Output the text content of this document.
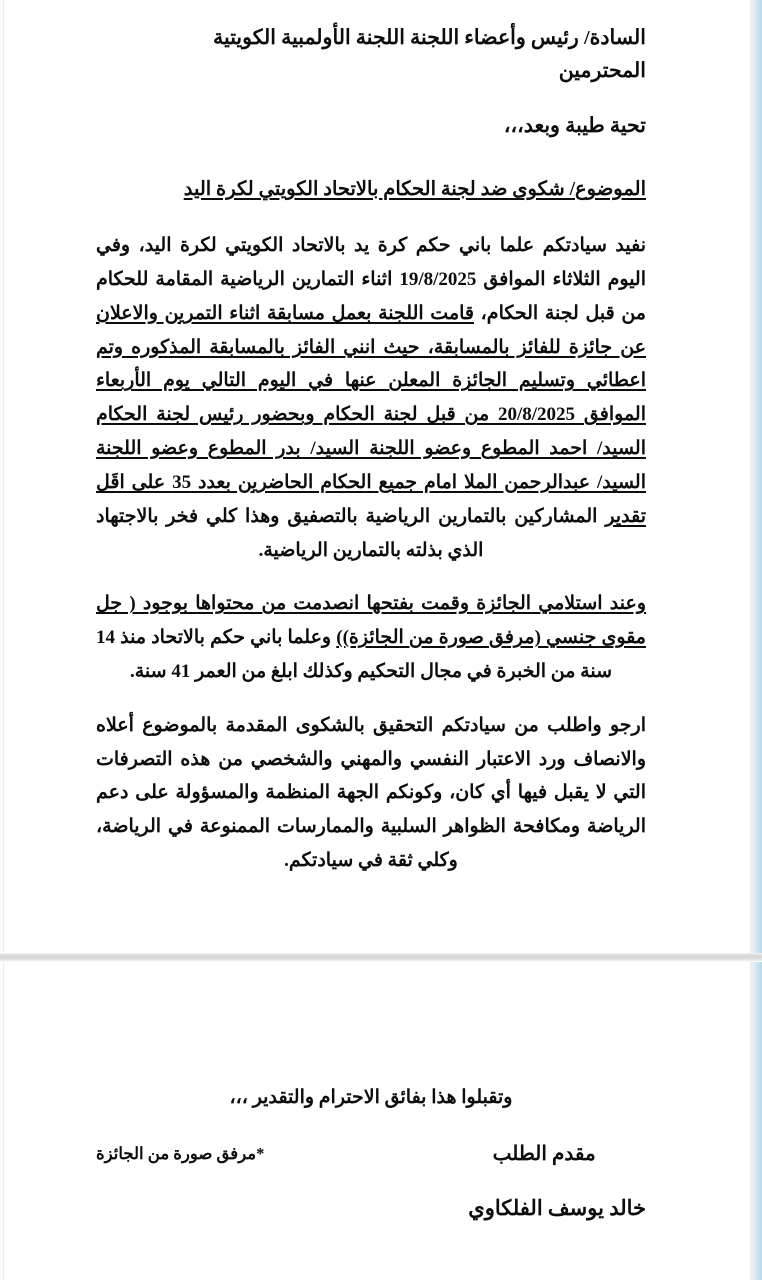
السادة/ رئيس وأعضاء اللجنة اللجنة الأولمبية الكويتية

المحترمين

تحية طيبة وبعد،،،

الموضوع/ شكوى ضد لجنة الحكام بالاتحاد الكويتي لكرة اليد

نفيد سيادتكم علما باني حكم كرة يد بالاتحاد الكويتي لكرة اليد، وفي اليوم الثلاثاء الموافق 19/8/2025 اثناء التمارين الرياضية المقامة للحكام من قبل لجنة الحكام، قامت اللجنة بعمل مسابقة اثناء التمرين والاعلان عن جائزة للفائز بالمسابقة، حيث انني الفائز بالمسابقة المذكوره وتم اعطائي وتسليم الجائزة المعلن عنها في اليوم التالي يوم الأربعاء الموافق 20/8/2025 من قبل لجنة الحكام وبحضور رئيس لجنة الحكام السيد/ احمد المطوع وعضو اللجنة السيد/ بدر المطوع وعضو اللجنة السيد/ عبدالرحمن الملا امام جميع الحكام الحاضرين بعدد 35 على اقَل تقدير المشاركين بالتمارين الرياضية بالتصفيق وهذا كلي فخر بالاجتهاد الذي بذلته بالتمارين الرياضية.

وعند استلامي الجائزة وقمت بفتحها انصدمت من محتواها بوجود ( جل مقوى جنسي (مرفق صورة من الجائزة)) وعلما باني حكم بالاتحاد منذ 14 سنة من الخبرة في مجال التحكيم وكذلك ابلغ من العمر 41 سنة.

ارجو واطلب من سيادتكم التحقيق بالشكوى المقدمة بالموضوع أعلاه والانصاف ورد الاعتبار النفسي والمهني والشخصي من هذه التصرفات التي لا يقبل فيها أي كان، وكونكم الجهة المنظمة والمسؤولة على دعم الرياضة ومكافحة الظواهر السلبية والممارسات الممنوعة في الرياضة، وكلي ثقة في سيادتكم.

وتقبلوا هذا بفائق الاحترام والتقدير ،،،

مقدم الطلب
خالد يوسف الفلكاوي
*مرفق صورة من الجائزة
